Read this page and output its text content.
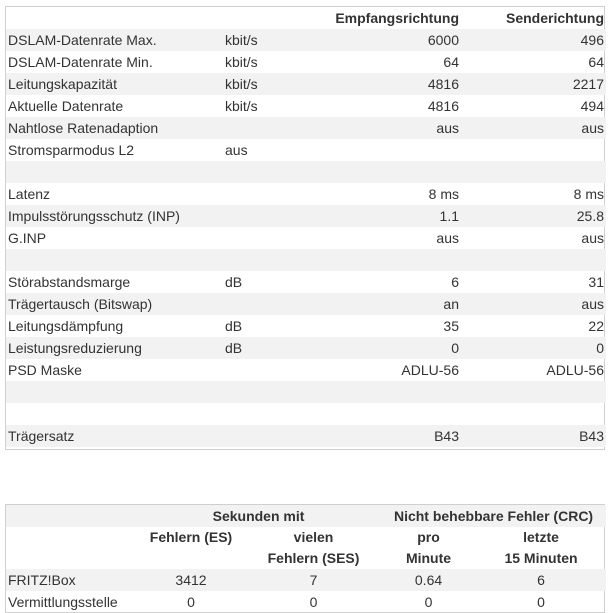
		Empfangsrichtung	Senderichtung
DSLAM-Datenrate Max.	kbit/s	6000	496
DSLAM-Datenrate Min.	kbit/s	64	64
Leitungskapazität	kbit/s	4816	2217
Aktuelle Datenrate	kbit/s	4816	494
Nahtlose Ratenadaption		aus	aus
Stromsparmodus L2	aus		

Latenz		8 ms	8 ms
Impulsstörungsschutz (INP)		1.1	25.8
G.INP		aus	aus

Störabstandsmarge	dB	6	31
Trägertausch (Bitswap)		an	aus
Leitungsdämpfung	dB	35	22
Leistungsreduzierung	dB	0	0
PSD Maske		ADLU-56	ADLU-56

Trägersatz		B43	B43
	Sekunden mit		Nicht behebbare Fehler (CRC)	
	Fehlern (ES)	vielen	pro	letzte
		Fehlern (SES)	Minute	15 Minuten
FRITZ!Box	3412	7	0.64	6
Vermittlungsstelle	0	0	0	0
